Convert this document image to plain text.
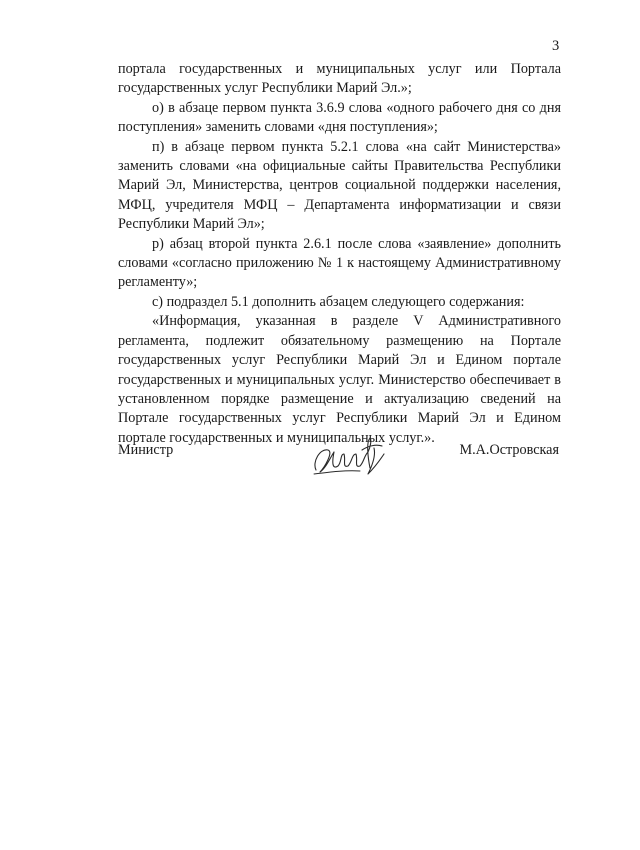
3

портала государственных и муниципальных услуг или Портала государственных услуг Республики Марий Эл.»;

о) в абзаце первом пункта 3.6.9 слова «одного рабочего дня со дня поступления» заменить словами «дня поступления»;

п) в абзаце первом пункта 5.2.1 слова «на сайт Министерства» заменить словами «на официальные сайты Правительства Республики Марий Эл, Министерства, центров социальной поддержки населения, МФЦ, учредителя МФЦ – Департамента информатизации и связи Республики Марий Эл»;

р) абзац второй пункта 2.6.1 после слова «заявление» дополнить словами «согласно приложению № 1 к настоящему Административному регламенту»;

с) подраздел 5.1 дополнить абзацем следующего содержания:

«Информация, указанная в разделе V Административного регламента, подлежит обязательному размещению на Портале государственных услуг Республики Марий Эл и Едином портале государственных и муниципальных услуг. Министерство обеспечивает в установленном порядке размещение и актуализацию сведений на Портале государственных услуг Республики Марий Эл и Едином портале государственных и муниципальных услуг.».

Министр	М.А.Островская
